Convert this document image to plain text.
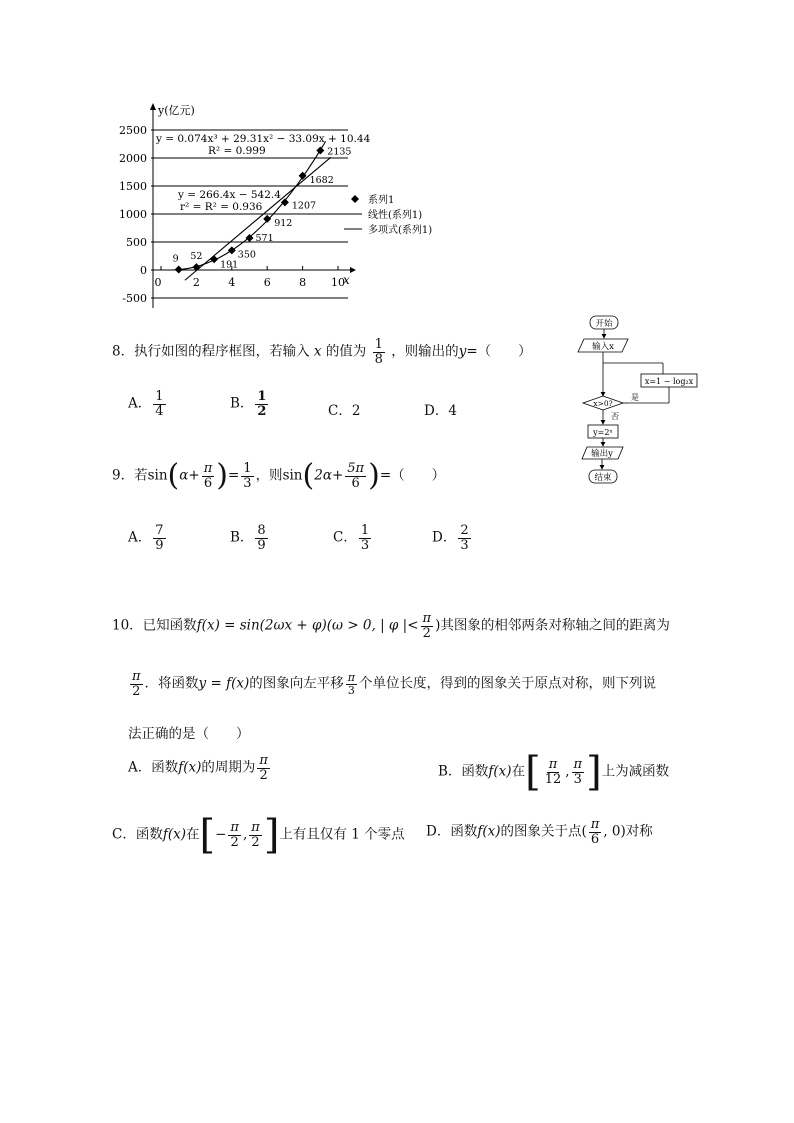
2500
2000
1500
1000
500
0
-500
0	2	4	6	8 10
9 52
191
350
571
912
1207
1682
2135
y(亿元)
x
y = 0.074x³ + 29.31x² − 33.09x + 10.44
R² = 0.999
y = 266.4x − 542.4
r² = R² = 0.936
系列1
线性(系列1)
多项式(系列1)
开始
输入x
x=1 − log₂x
x>0?
是
否
y=2ˣ
输出y
结束
8．执行如图的程序框图，若输入 x 的值为 $\frac{1}{8}$ ，则输出的y=（　　）
A． $\frac{1}{4}$	B． $\frac{1}{2}$	C．2	D．4
9．若$\sin(\alpha+ \frac{\pi}{6}$ )= $\frac{1}{3}$ ，则$\sin(2\alpha+ \frac{5\pi}{6}$ )=（　　）
A． $\frac{7}{9}$	B． $\frac{8}{9}$	C． $\frac{1}{3}$	D． $\frac{2}{3}$
10．已知函数f(x) = sin(2ωx + φ)(ω > 0, | φ |< $\frac{\pi}{2}$ )其图象的相邻两条对称轴之间的距离为
$\frac{\pi}{2}$ ．将函数y = f(x)的图象向左平移 $\frac{\pi}{3}$ 个单位长度，得到的图象关于原点对称，则下列说
法正确的是（　　）
A．函数f(x)的周期为 $\frac{\pi}{2}$	B．函数f(x)在[ $\frac{\pi}{12}$ , $\frac{\pi}{3}$ ]上为减函数
C．函数f(x)在[− $\frac{\pi}{2}$ , $\frac{\pi}{2}$ ]上有且仅有 1 个零点 D．函数f(x)的图象关于点( $\frac{\pi}{6}$ , 0)对称
